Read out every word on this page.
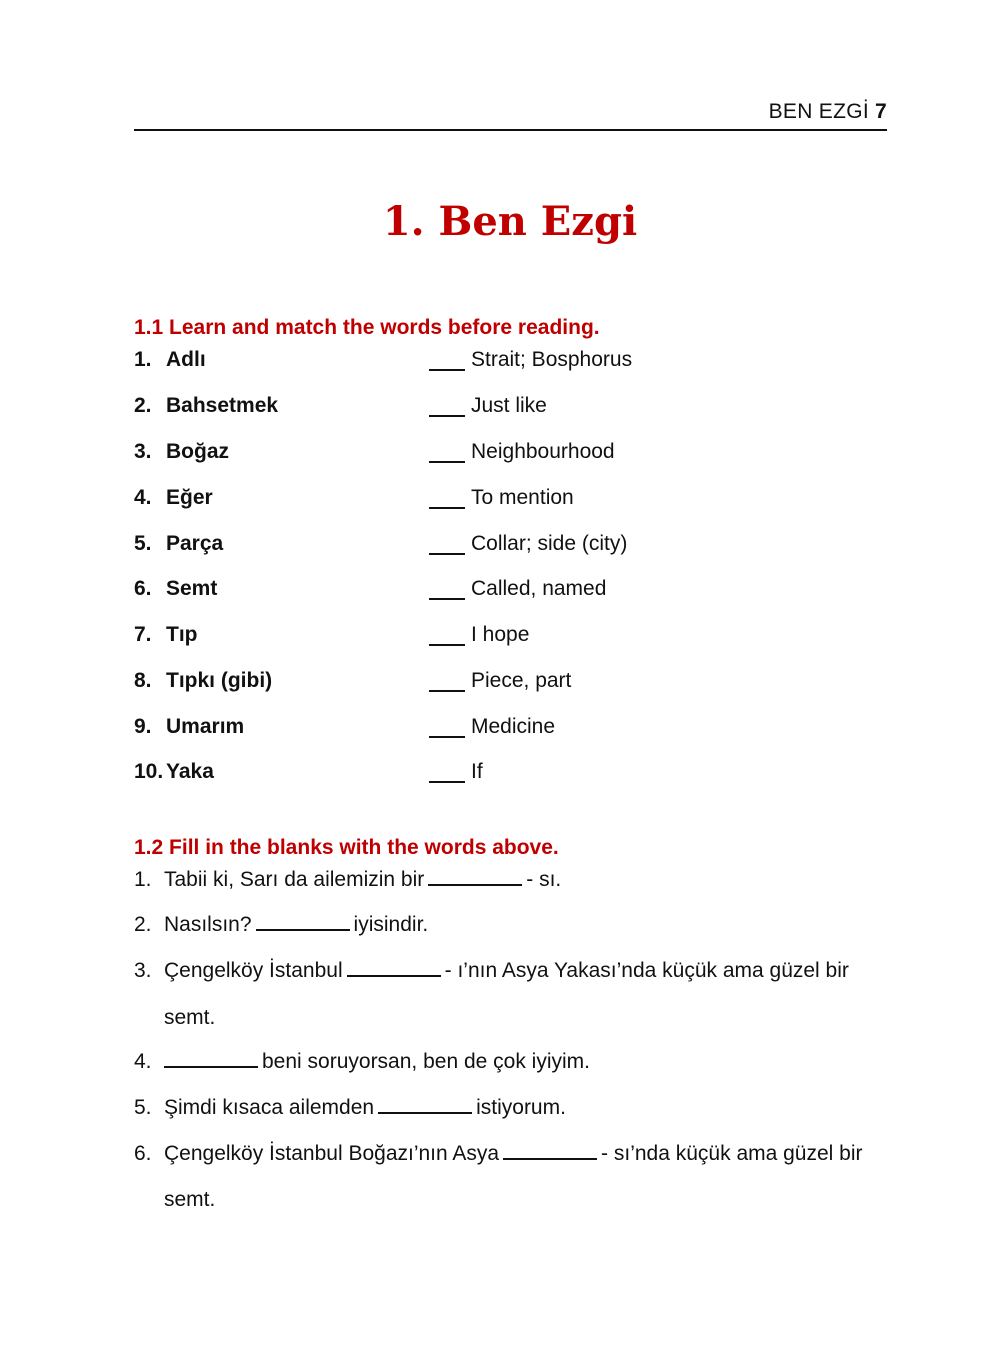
BEN EZGİ 7
1. Ben Ezgi
1.1 Learn and match the words before reading.
1. Adlı	Strait; Bosphorus
2. Bahsetmek	Just like
3. Boğaz	Neighbourhood
4. Eğer	To mention
5. Parça	Collar; side (city)
6. Semt	Called, named
7. Tıp	I hope
8. Tıpkı (gibi)	Piece, part
9. Umarım	Medicine
10. Yaka	If
1.2 Fill in the blanks with the words above.
1. Tabii ki, Sarı da ailemizin bir	- sı.
2. Nasılsın?	iyisindir.
3. Çengelköy İstanbul	- ı’nın Asya Yakası’nda küçük ama güzel bir
semt.
4.	beni soruyorsan, ben de çok iyiyim.
5. Şimdi kısaca ailemden	istiyorum.
6. Çengelköy İstanbul Boğazı’nın Asya	- sı’nda küçük ama güzel bir
semt.
